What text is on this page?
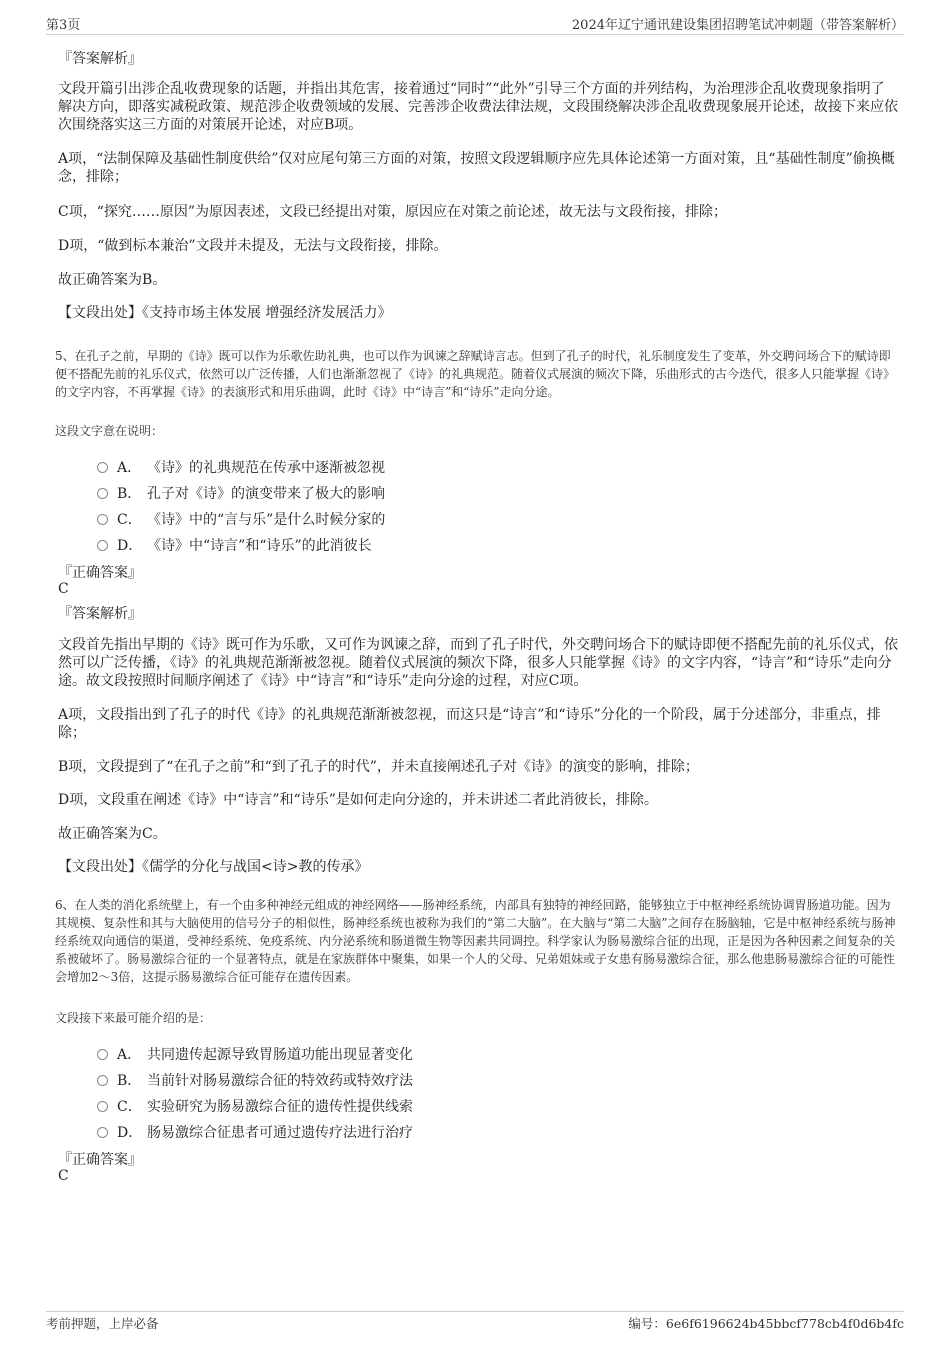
第3页	2024年辽宁通讯建设集团招聘笔试冲刺题（带答案解析）
『答案解析』
文段开篇引出涉企乱收费现象的话题，并指出其危害，接着通过“同时”“此外”引导三个方面的并列结构，为治理涉企乱收费现象指明了解决方向，即落实减税政策、规范涉企收费领域的发展、完善涉企收费法律法规，文段围绕解决涉企乱收费现象展开论述，故接下来应依次围绕落实这三方面的对策展开论述，对应B项。
A项，“法制保障及基础性制度供给”仅对应尾句第三方面的对策，按照文段逻辑顺序应先具体论述第一方面对策，且“基础性制度”偷换概念，排除；
C项，“探究……原因”为原因表述，文段已经提出对策，原因应在对策之前论述，故无法与文段衔接，排除；
D项，“做到标本兼治”文段并未提及，无法与文段衔接，排除。
故正确答案为B。
【文段出处】《支持市场主体发展 增强经济发展活力》
5、在孔子之前，早期的《诗》既可以作为乐歌佐助礼典，也可以作为讽谏之辞赋诗言志。但到了孔子的时代，礼乐制度发生了变革，外交聘问场合下的赋诗即便不搭配先前的礼乐仪式，依然可以广泛传播，人们也渐渐忽视了《诗》的礼典规范。随着仪式展演的频次下降，乐曲形式的古今迭代，很多人只能掌握《诗》的文字内容，不再掌握《诗》的表演形式和用乐曲调，此时《诗》中“诗言”和“诗乐”走向分途。
这段文字意在说明：
A． 《诗》的礼典规范在传承中逐渐被忽视
B． 孔子对《诗》的演变带来了极大的影响
C． 《诗》中的“言与乐”是什么时候分家的
D． 《诗》中“诗言”和“诗乐”的此消彼长
『正确答案』
C
『答案解析』
文段首先指出早期的《诗》既可作为乐歌，又可作为讽谏之辞，而到了孔子时代，外交聘问场合下的赋诗即便不搭配先前的礼乐仪式，依然可以广泛传播，《诗》的礼典规范渐渐被忽视。随着仪式展演的频次下降，很多人只能掌握《诗》的文字内容，“诗言”和“诗乐”走向分途。故文段按照时间顺序阐述了《诗》中“诗言”和“诗乐”走向分途的过程，对应C项。
A项，文段指出到了孔子的时代《诗》的礼典规范渐渐被忽视，而这只是“诗言”和“诗乐”分化的一个阶段，属于分述部分，非重点，排除；
B项，文段提到了“在孔子之前”和“到了孔子的时代”，并未直接阐述孔子对《诗》的演变的影响，排除；
D项，文段重在阐述《诗》中“诗言”和“诗乐”是如何走向分途的，并未讲述二者此消彼长，排除。
故正确答案为C。
【文段出处】《儒学的分化与战国<诗>教的传承》
6、在人类的消化系统壁上，有一个由多种神经元组成的神经网络——肠神经系统，内部具有独特的神经回路，能够独立于中枢神经系统协调胃肠道功能。因为其规模、复杂性和其与大脑使用的信号分子的相似性，肠神经系统也被称为我们的“第二大脑”。在大脑与“第二大脑”之间存在肠脑轴，它是中枢神经系统与肠神经系统双向通信的渠道，受神经系统、免疫系统、内分泌系统和肠道微生物等因素共同调控。科学家认为肠易激综合征的出现，正是因为各种因素之间复杂的关系被破坏了。肠易激综合征的一个显著特点，就是在家族群体中聚集，如果一个人的父母、兄弟姐妹或子女患有肠易激综合征，那么他患肠易激综合征的可能性会增加2～3倍，这提示肠易激综合征可能存在遗传因素。
文段接下来最可能介绍的是：
A． 共同遗传起源导致胃肠道功能出现显著变化
B． 当前针对肠易激综合征的特效药或特效疗法
C． 实验研究为肠易激综合征的遗传性提供线索
D． 肠易激综合征患者可通过遗传疗法进行治疗
『正确答案』
C
考前押题，上岸必备	编号：6e6f6196624b45bbcf778cb4f0d6b4fc
